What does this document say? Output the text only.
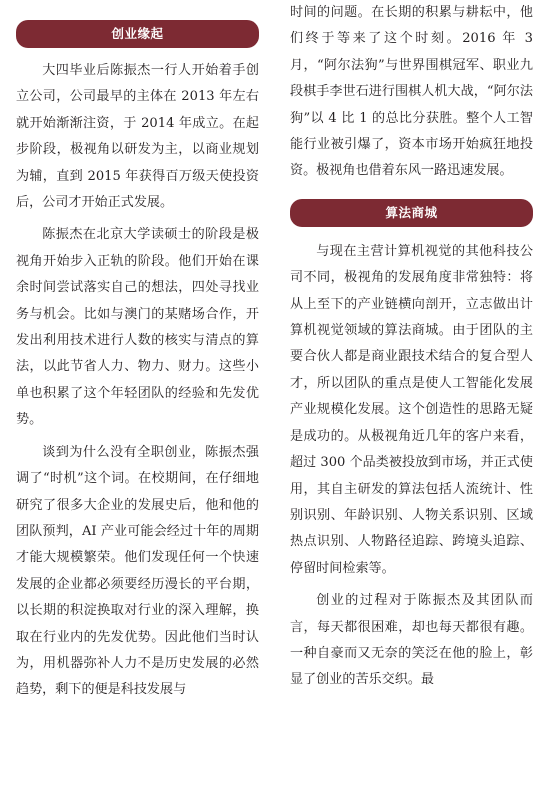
创业缘起

大四毕业后陈振杰一行人开始着手创立公司，公司最早的主体在 2013 年左右就开始渐渐注资，于 2014 年成立。在起步阶段，极视角以研发为主，以商业规划为辅，直到 2015 年获得百万级天使投资后，公司才开始正式发展。

陈振杰在北京大学读硕士的阶段是极视角开始步入正轨的阶段。他们开始在课余时间尝试落实自己的想法，四处寻找业务与机会。比如与澳门的某赌场合作，开发出利用技术进行人数的核实与清点的算法，以此节省人力、物力、财力。这些小单也积累了这个年轻团队的经验和先发优势。

谈到为什么没有全职创业，陈振杰强调了“时机”这个词。在校期间，在仔细地研究了很多大企业的发展史后，他和他的团队预判，AI 产业可能会经过十年的周期才能大规模繁荣。他们发现任何一个快速发展的企业都必须要经历漫长的平台期，以长期的积淀换取对行业的深入理解，换取在行业内的先发优势。因此他们当时认为，用机器弥补人力不是历史发展的必然趋势，剩下的便是科技发展与

时间的问题。在长期的积累与耕耘中，他们终于等来了这个时刻。2016 年 3 月，“阿尔法狗”与世界围棋冠军、职业九段棋手李世石进行围棋人机大战，“阿尔法狗”以 4 比 1 的总比分获胜。整个人工智能行业被引爆了，资本市场开始疯狂地投资。极视角也借着东风一路迅速发展。

算法商城

与现在主营计算机视觉的其他科技公司不同，极视角的发展角度非常独特：将从上至下的产业链横向剖开，立志做出计算机视觉领域的算法商城。由于团队的主要合伙人都是商业跟技术结合的复合型人才，所以团队的重点是使人工智能化发展产业规模化发展。这个创造性的思路无疑是成功的。从极视角近几年的客户来看，超过 300 个品类被投放到市场，并正式使用，其自主研发的算法包括人流统计、性别识别、年龄识别、人物关系识别、区域热点识别、人物路径追踪、跨境头追踪、停留时间检索等。

创业的过程对于陈振杰及其团队而言，每天都很困难，却也每天都很有趣。一种自豪而又无奈的笑泛在他的脸上，彰显了创业的苦乐交织。最
